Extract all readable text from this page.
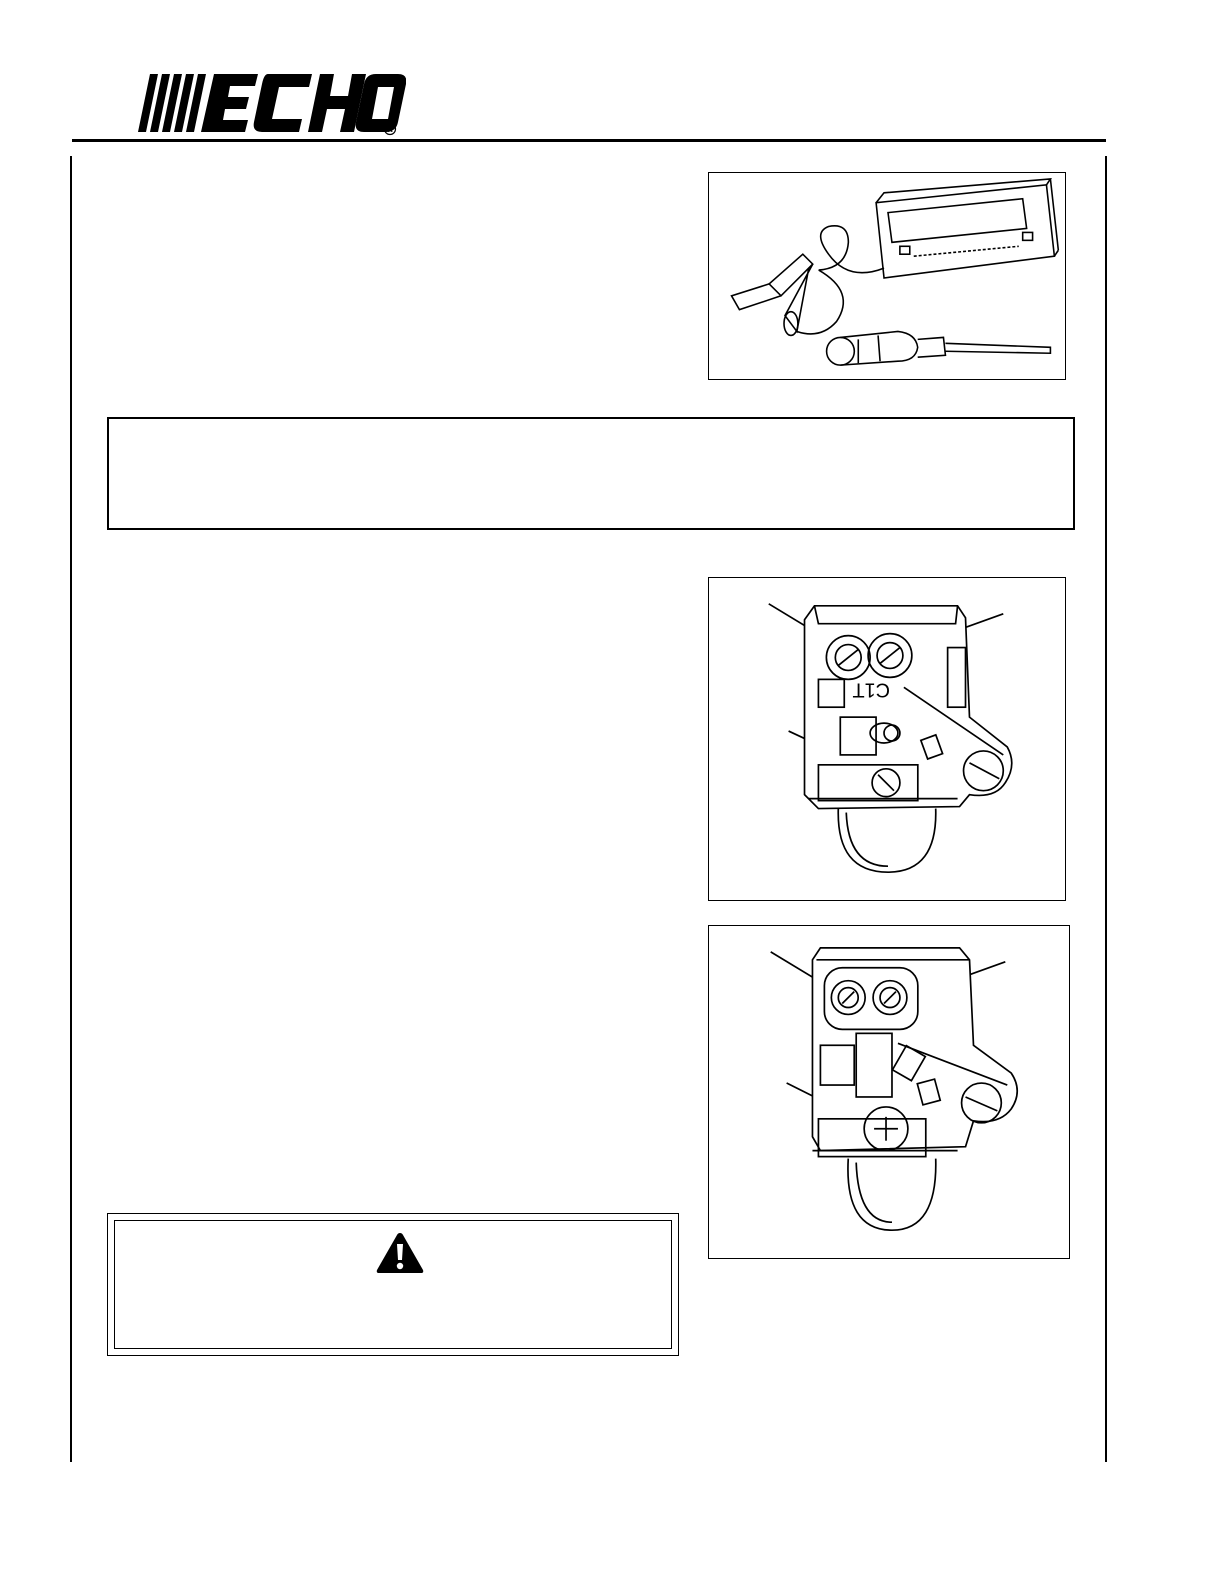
R
C1T
